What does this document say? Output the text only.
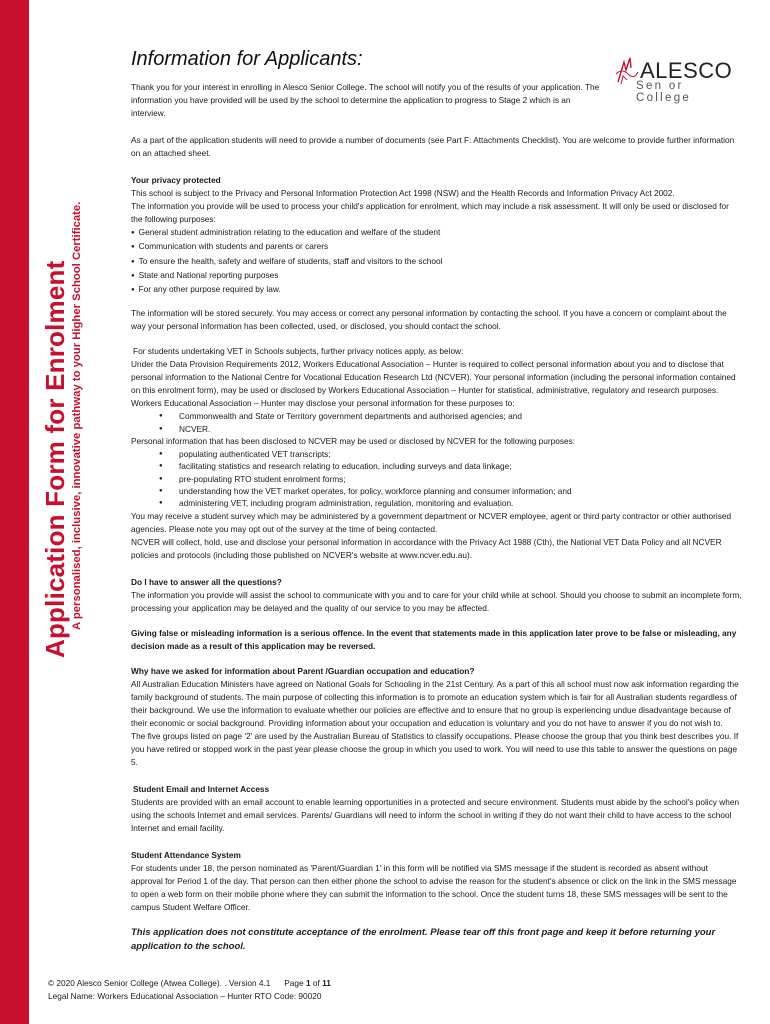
Application Form for Enrolment A personalised, inclusive, innovative pathway to your Higher School Certificate.
ALESCO
Sen or College
Information for Applicants:
Thank you for your interest in enrolling in Alesco Senior College. The school will notify you of the results of your application. The information you have provided will be used by the school to determine the application to progress to Stage 2 which is an interview.
As a part of the application students will need to provide a number of documents (see Part F: Attachments Checklist). You are welcome to provide further information on an attached sheet.
Your privacy protected
This school is subject to the Privacy and Personal Information Protection Act 1998 (NSW) and the Health Records and Information Privacy Act 2002.
The information you provide will be used to process your child's application for enrolment, which may include a risk assessment. It will only be used or disclosed for the following purposes:
● General student administration relating to the education and welfare of the student
● Communication with students and parents or carers
● To ensure the health, safety and welfare of students, staff and visitors to the school
● State and National reporting purposes
● For any other purpose required by law.
The information will be stored securely. You may access or correct any personal information by contacting the school. If you have a concern or complaint about the way your personal information has been collected, used, or disclosed, you should contact the school.
For students undertaking VET in Schools subjects, further privacy notices apply, as below:
Under the Data Provision Requirements 2012, Workers Educational Association – Hunter is required to collect personal information about you and to disclose that personal information to the National Centre for Vocational Education Research Ltd (NCVER). Your personal information (including the personal information contained on this enrolment form), may be used or disclosed by Workers Educational Association – Hunter for statistical, administrative, regulatory and research purposes. Workers Educational Association – Hunter may disclose your personal information for these purposes to:
● Commonwealth and State or Territory government departments and authorised agencies; and
● NCVER.
Personal information that has been disclosed to NCVER may be used or disclosed by NCVER for the following purposes:
● populating authenticated VET transcripts;
● facilitating statistics and research relating to education, including surveys and data linkage;
● pre-populating RTO student enrolment forms;
● understanding how the VET market operates, for policy, workforce planning and consumer information; and
● administering VET, including program administration, regulation, monitoring and evaluation.
You may receive a student survey which may be administered by a government department or NCVER employee, agent or third party contractor or other authorised agencies. Please note you may opt out of the survey at the time of being contacted.
NCVER will collect, hold, use and disclose your personal information in accordance with the Privacy Act 1988 (Cth), the National VET Data Policy and all NCVER policies and protocols (including those published on NCVER's website at www.ncver.edu.au).
Do I have to answer all the questions?
The information you provide will assist the school to communicate with you and to care for your child while at school. Should you choose to submit an incomplete form, processing your application may be delayed and the quality of our service to you may be affected.
Giving false or misleading information is a serious offence. In the event that statements made in this application later prove to be false or misleading, any decision made as a result of this application may be reversed.
Why have we asked for information about Parent /Guardian occupation and education?
All Australian Education Ministers have agreed on National Goals for Schooling in the 21st Century. As a part of this all school must now ask information regarding the family background of students. The main purpose of collecting this information is to promote an education system which is fair for all Australian students regardless of their background. We use the information to evaluate whether our policies are effective and to ensure that no group is experiencing undue disadvantage because of their economic or social background. Providing information about your occupation and education is voluntary and you do not have to answer if you do not wish to.
The five groups listed on page '2' are used by the Australian Bureau of Statistics to classify occupations. Please choose the group that you think best describes you. If you have retired or stopped work in the past year please choose the group in which you used to work. You will need to use this table to answer the questions on page 5.
Student Email and Internet Access
Students are provided with an email account to enable learning opportunities in a protected and secure environment. Students must abide by the school's policy when using the schools Internet and email services. Parents/ Guardians will need to inform the school in writing if they do not want their child to have access to the school Internet and email facility.
Student Attendance System
For students under 18, the person nominated as 'Parent/Guardian 1' in this form will be notified via SMS message if the student is recorded as absent without approval for Period 1 of the day. That person can then either phone the school to advise the reason for the student's absence or click on the link in the SMS message to open a web form on their mobile phone where they can submit the information to the school. Once the student turns 18, these SMS messages will be sent to the campus Student Welfare Officer.
This application does not constitute acceptance of the enrolment. Please tear off this front page and keep it before returning your application to the school.
© 2020 Alesco Senior College (Atwea College). . Version 4.1 Page 1 of 11
Legal Name: Workers Educational Association – Hunter RTO Code: 90020
